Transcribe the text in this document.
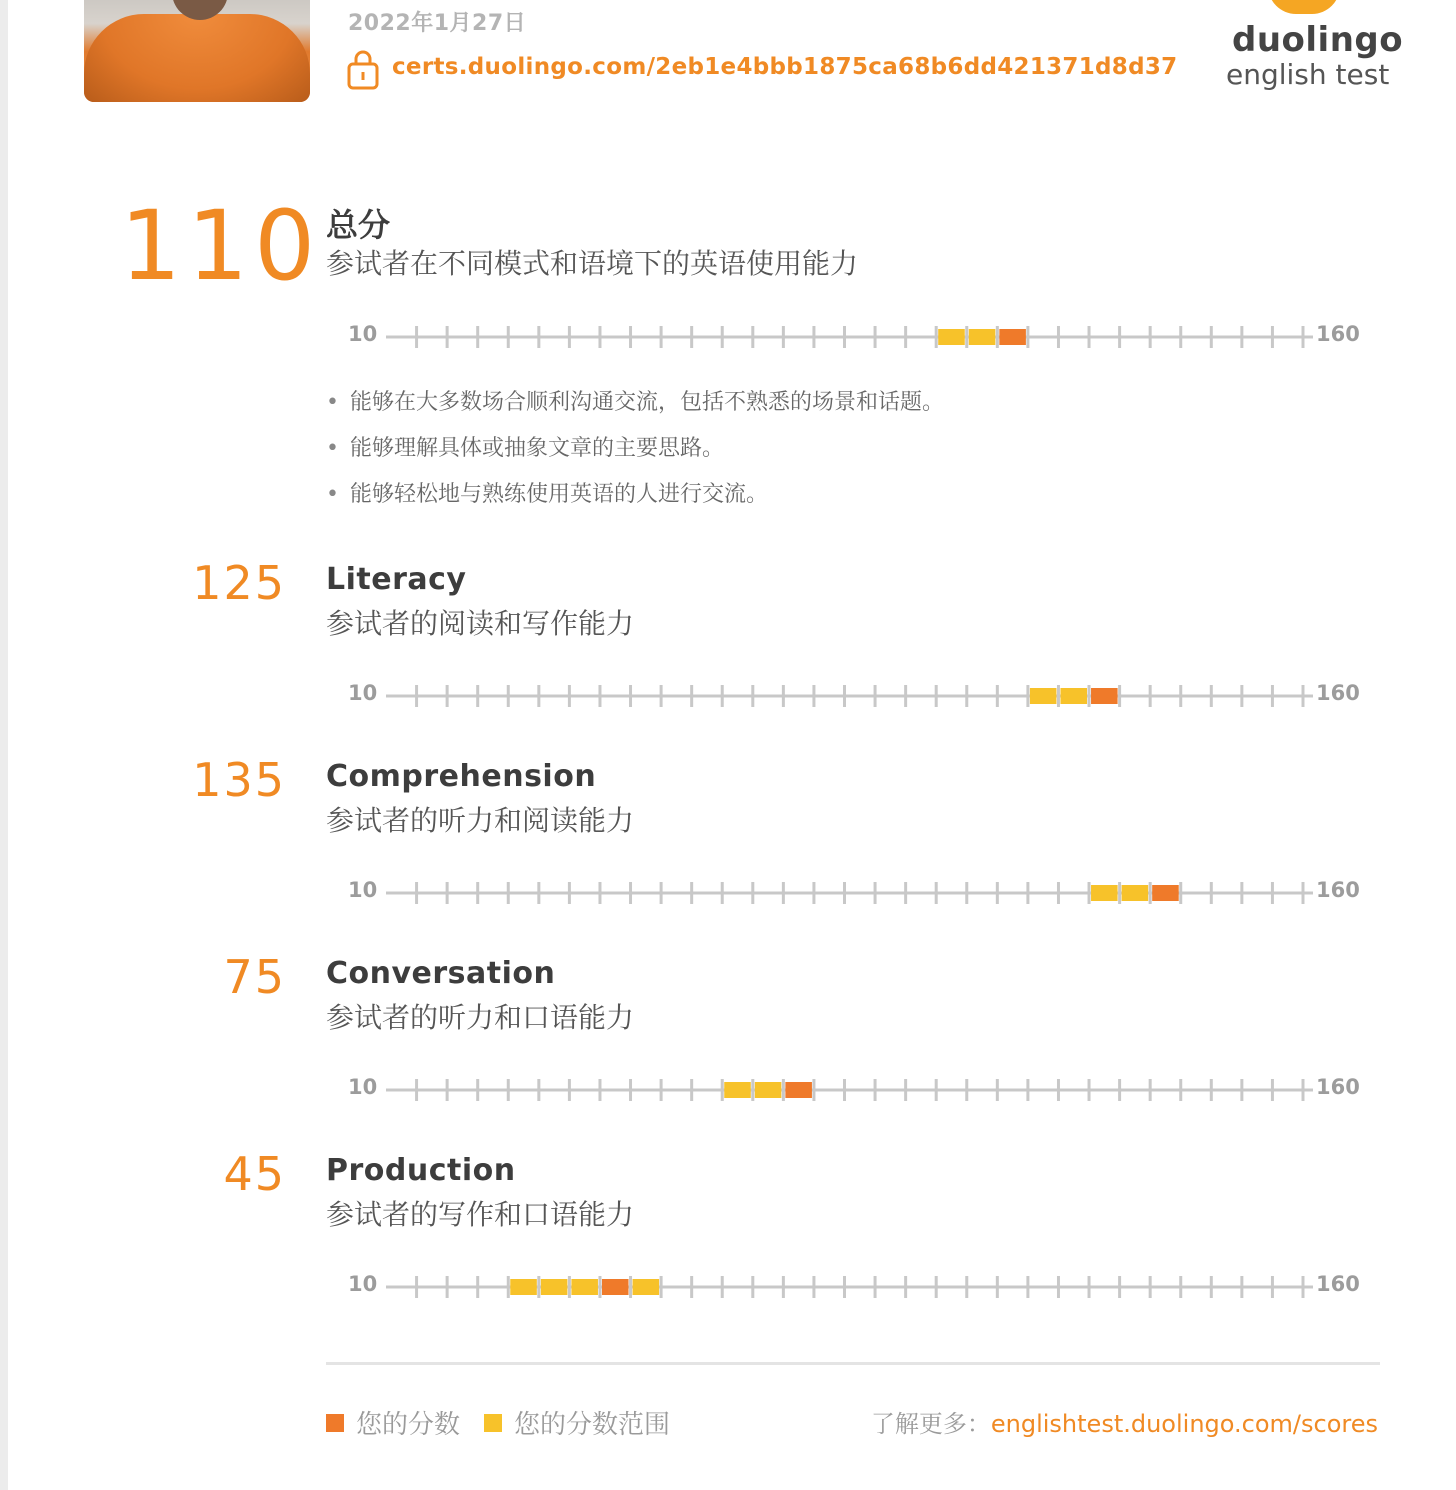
2022年1月27日
certs.duolingo.com/2eb1e4bbb1875ca68b6dd421371d8d37
duolingo
english test
110 总分
参试者在不同模式和语境下的英语使用能力
10	160
• 能够在大多数场合顺利沟通交流，包括不熟悉的场景和话题。
• 能够理解具体或抽象文章的主要思路。
• 能够轻松地与熟练使用英语的人进行交流。
125 Literacy
参试者的阅读和写作能力
10	160
135 Comprehension
参试者的听力和阅读能力
10	160
75 Conversation
参试者的听力和口语能力
10	160
45 Production
参试者的写作和口语能力
10	160
您的分数	您的分数范围	了解更多：englishtest.duolingo.com/scores
